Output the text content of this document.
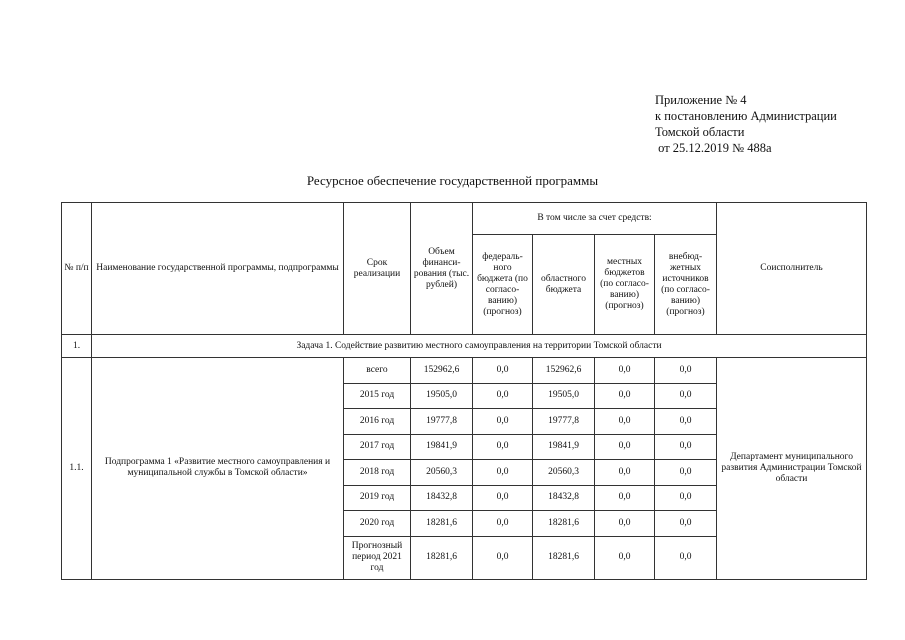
Приложение № 4
к постановлению Администрации
Томской области
от 25.12.2019 № 488а
Ресурсное обеспечение государственной программы
№ п/п	Наименование государственной программы, подпрограммы	Срок реализации	Объем финанси-рования (тыс. рублей)	В том числе за счет средств:				Соисполнитель
				федераль-ного бюджета (по согласо-ванию) (прогноз)	областного бюджета	местных бюджетов (по согласо-ванию) (прогноз)	внебюд-жетных источников (по согласо-ванию) (прогноз)	
1.	Задача 1. Содействие развитию местного самоуправления на территории Томской области							
1.1.	Подпрограмма 1 «Развитие местного самоуправления и муниципальной службы в Томской области»	всего	152962,6	0,0	152962,6	0,0	0,0	Департамент муниципального развития Администрации Томской области
		2015 год	19505,0	0,0	19505,0	0,0	0,0	
		2016 год	19777,8	0,0	19777,8	0,0	0,0	
		2017 год	19841,9	0,0	19841,9	0,0	0,0	
		2018 год	20560,3	0,0	20560,3	0,0	0,0	
		2019 год	18432,8	0,0	18432,8	0,0	0,0	
		2020 год	18281,6	0,0	18281,6	0,0	0,0	
		Прогнозный период 2021 год	18281,6	0,0	18281,6	0,0	0,0	
